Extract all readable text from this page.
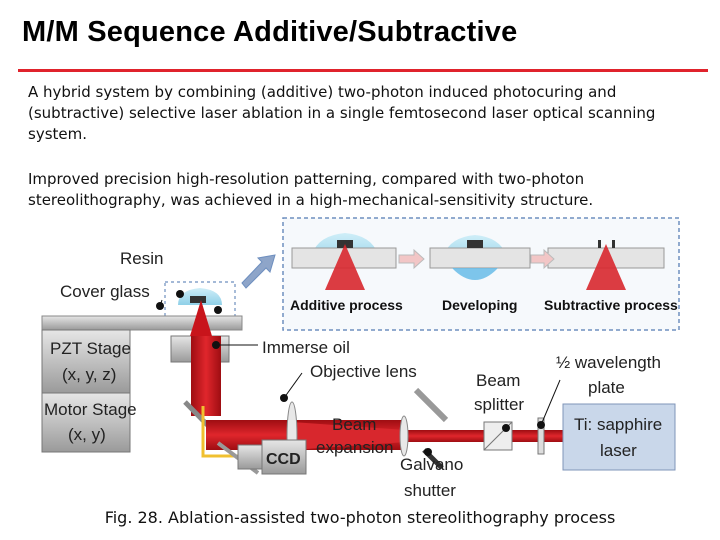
M/M Sequence Additive/Subtractive
A hybrid system by combining (additive) two-photon induced photocuring and (subtractive) selective laser ablation in a single femtosecond laser optical scanning system.
Improved precision high-resolution patterning, compared with two-photon stereolithography, was achieved in a high-mechanical-sensitivity structure.
Additive process	Developing Subtractive process
CCD
Resin
Cover glass
PZT Stage
(x, y, z)
Motor Stage
(x, y)
Immerse oil
Objective lens
Beam
expansion
Galvano
shutter
Beam
splitter
½ wavelength
plate
Ti: sapphire
laser
Fig. 28. Ablation-assisted two-photon stereolithography process
